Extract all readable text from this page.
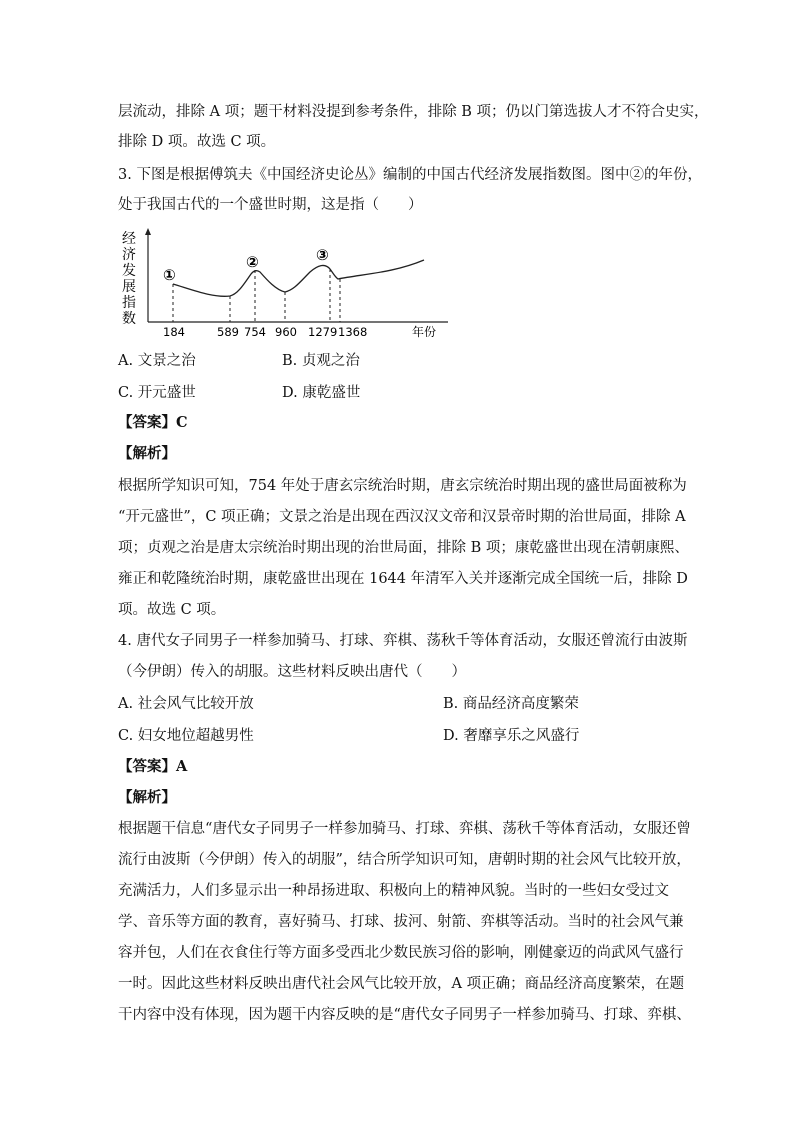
层流动，排除 A 项；题干材料没提到参考条件，排除 B 项；仍以门第选拔人才不符合史实，
排除 D 项。故选 C 项。
3. 下图是根据傅筑夫《中国经济史论丛》编制的中国古代经济发展指数图。图中②的年份，
处于我国古代的一个盛世时期，这是指（　　）
经
济
发
展
指
数
①
②	③
184	589 754 960 1279 1368	年份
A. 文景之治	B. 贞观之治
C. 开元盛世	D. 康乾盛世
【答案】C
【解析】
根据所学知识可知，754 年处于唐玄宗统治时期，唐玄宗统治时期出现的盛世局面被称为
“开元盛世”，C 项正确；文景之治是出现在西汉汉文帝和汉景帝时期的治世局面，排除 A
项；贞观之治是唐太宗统治时期出现的治世局面，排除 B 项；康乾盛世出现在清朝康熙、
雍正和乾隆统治时期，康乾盛世出现在 1644 年清军入关并逐渐完成全国统一后，排除 D
项。故选 C 项。
4. 唐代女子同男子一样参加骑马、打球、弈棋、荡秋千等体育活动，女服还曾流行由波斯
（今伊朗）传入的胡服。这些材料反映出唐代（　　）
A. 社会风气比较开放	B. 商品经济高度繁荣
C. 妇女地位超越男性	D. 奢靡享乐之风盛行
【答案】A
【解析】
根据题干信息“唐代女子同男子一样参加骑马、打球、弈棋、荡秋千等体育活动，女服还曾
流行由波斯（今伊朗）传入的胡服”，结合所学知识可知，唐朝时期的社会风气比较开放，
充满活力，人们多显示出一种昂扬进取、积极向上的精神风貌。当时的一些妇女受过文
学、音乐等方面的教育，喜好骑马、打球、拔河、射箭、弈棋等活动。当时的社会风气兼
容并包，人们在衣食住行等方面多受西北少数民族习俗的影响，刚健豪迈的尚武风气盛行
一时。因此这些材料反映出唐代社会风气比较开放，A 项正确；商品经济高度繁荣，在题
干内容中没有体现，因为题干内容反映的是“唐代女子同男子一样参加骑马、打球、弈棋、
